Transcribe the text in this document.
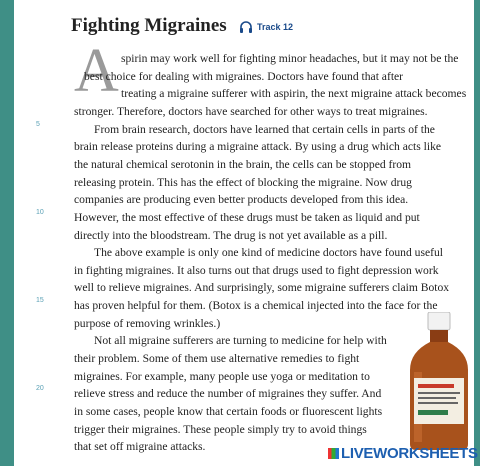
Fighting Migraines	Track 12
A spirin may work well for fighting minor headaches, but it may not be the
best choice for dealing with migraines. Doctors have found that after
treating a migraine sufferer with aspirin, the next migraine attack becomes
stronger. Therefore, doctors have searched for other ways to treat migraines.
From brain research, doctors have learned that certain cells in parts of the
brain release proteins during a migraine attack. By using a drug which acts like
the natural chemical serotonin in the brain, the cells can be stopped from
releasing protein. This has the effect of blocking the migraine. Now drug
companies are producing even better products developed from this idea.
However, the most effective of these drugs must be taken as liquid and put
directly into the bloodstream. The drug is not yet available as a pill.
The above example is only one kind of medicine doctors have found useful
in fighting migraines. It also turns out that drugs used to fight depression work
well to relieve migraines. And surprisingly, some migraine sufferers claim Botox
has proven helpful for them. (Botox is a chemical injected into the face for the
purpose of removing wrinkles.)
Not all migraine sufferers are turning to medicine for help with
their problem. Some of them use alternative remedies to fight
migraines. For example, many people use yoga or meditation to
relieve stress and reduce the number of migraines they suffer. And
in some cases, people know that certain foods or fluorescent lights
trigger their migraines. These people simply try to avoid things
that set off migraine attacks.
5
10
15
20
LIVEWORKSHEETS
